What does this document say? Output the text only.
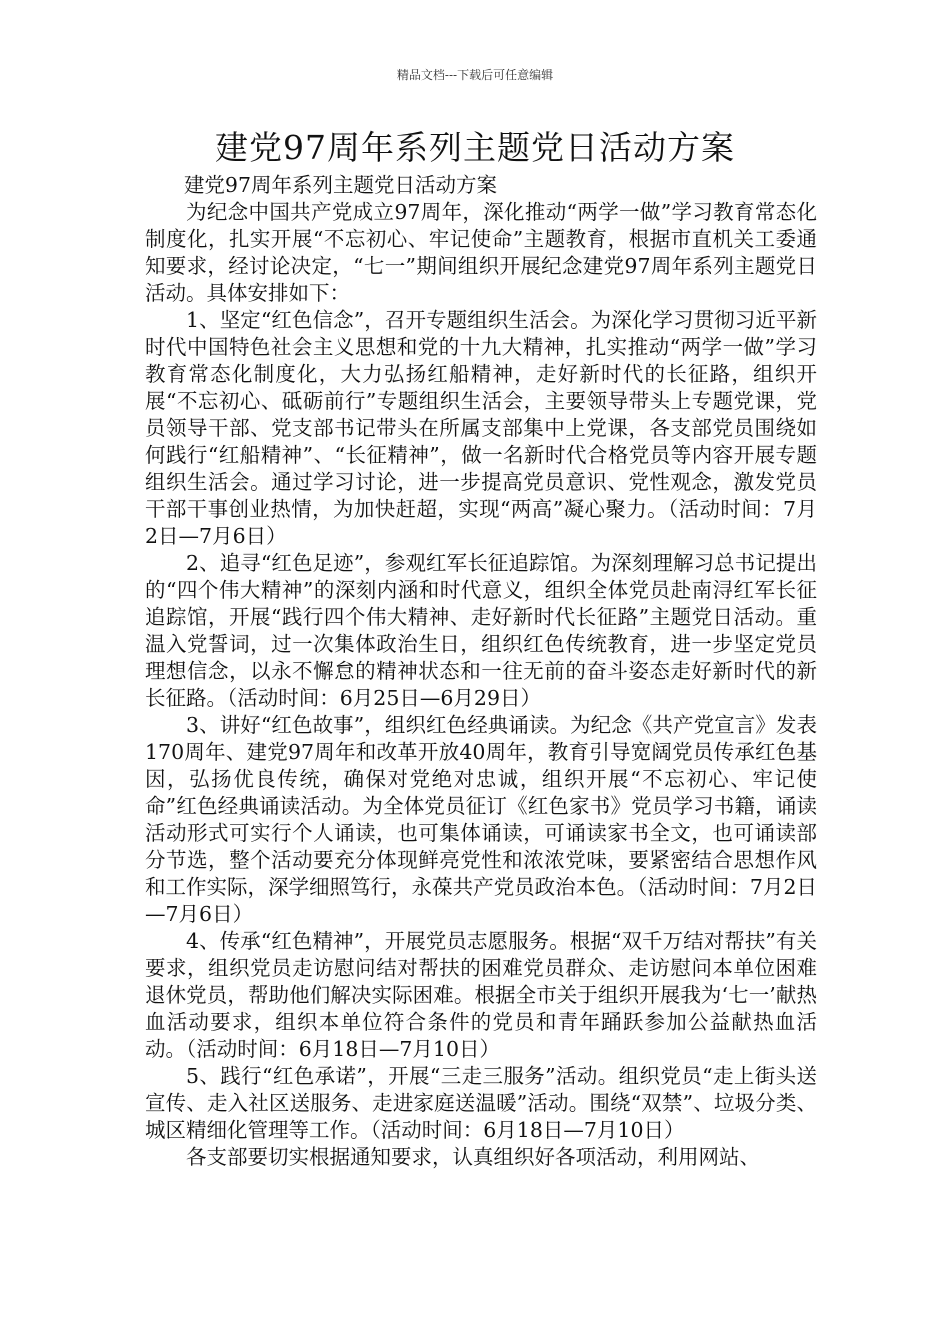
精品文档---下载后可任意编辑
建党97周年系列主题党日活动方案

建党97周年系列主题党日活动方案

为纪念中国共产党成立97周年，深化推动“两学一做”学习教育常态化制度化，扎实开展“不忘初心、牢记使命”主题教育，根据市直机关工委通知要求，经讨论决定，“七一”期间组织开展纪念建党97周年系列主题党日活动。具体安排如下：

1、坚定“红色信念”，召开专题组织生活会。为深化学习贯彻习近平新时代中国特色社会主义思想和党的十九大精神，扎实推动“两学一做”学习教育常态化制度化，大力弘扬红船精神，走好新时代的长征路，组织开展“不忘初心、砥砺前行”专题组织生活会，主要领导带头上专题党课，党员领导干部、党支部书记带头在所属支部集中上党课，各支部党员围绕如何践行“红船精神”、“长征精神”，做一名新时代合格党员等内容开展专题组织生活会。通过学习讨论，进一步提高党员意识、党性观念，激发党员干部干事创业热情，为加快赶超，实现“两高”凝心聚力。（活动时间：7月2日—7月6日）

2、追寻“红色足迹”，参观红军长征追踪馆。为深刻理解习总书记提出的“四个伟大精神”的深刻内涵和时代意义，组织全体党员赴南浔红军长征追踪馆，开展“践行四个伟大精神、走好新时代长征路”主题党日活动。重温入党誓词，过一次集体政治生日，组织红色传统教育，进一步坚定党员理想信念，以永不懈怠的精神状态和一往无前的奋斗姿态走好新时代的新长征路。（活动时间：6月25日—6月29日）

3、讲好“红色故事”，组织红色经典诵读。为纪念《共产党宣言》发表170周年、建党97周年和改革开放40周年，教育引导宽阔党员传承红色基因，弘扬优良传统，确保对党绝对忠诚，组织开展“不忘初心、牢记使命”红色经典诵读活动。为全体党员征订《红色家书》党员学习书籍，诵读活动形式可实行个人诵读，也可集体诵读，可诵读家书全文，也可诵读部分节选，整个活动要充分体现鲜亮党性和浓浓党味，要紧密结合思想作风和工作实际，深学细照笃行，永葆共产党员政治本色。（活动时间：7月2日—7月6日）

4、传承“红色精神”，开展党员志愿服务。根据“双千万结对帮扶”有关要求，组织党员走访慰问结对帮扶的困难党员群众、走访慰问本单位困难退休党员，帮助他们解决实际困难。根据全市关于组织开展我为‘七一’献热血活动要求，组织本单位符合条件的党员和青年踊跃参加公益献热血活动。（活动时间：6月18日—7月10日）

5、践行“红色承诺”，开展“三走三服务”活动。组织党员“走上街头送宣传、走入社区送服务、走进家庭送温暖”活动。围绕“双禁”、垃圾分类、城区精细化管理等工作。（活动时间：6月18日—7月10日）

各支部要切实根据通知要求，认真组织好各项活动，利用网站、
